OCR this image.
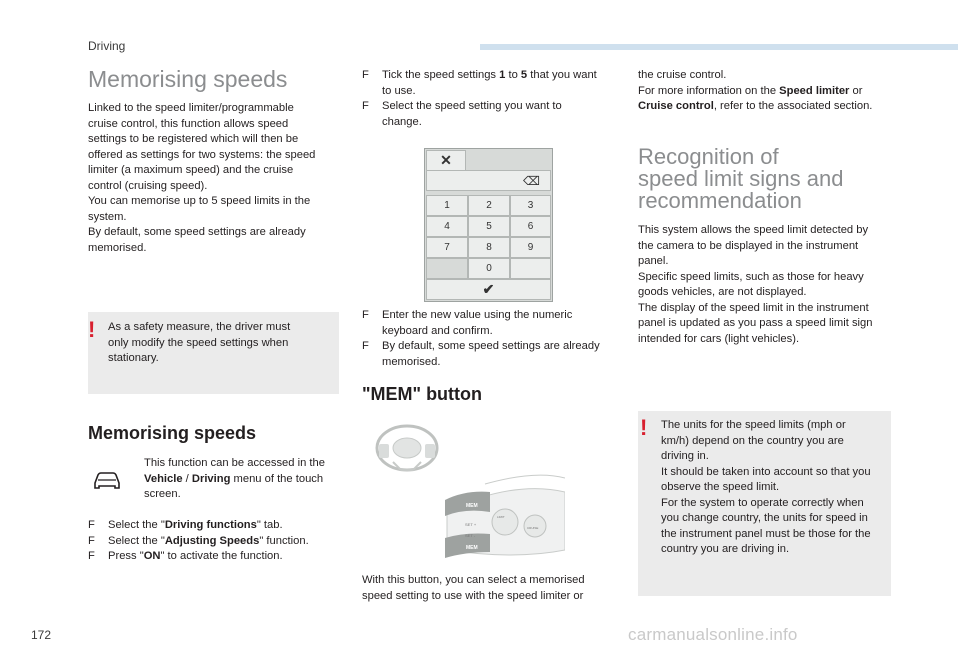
Driving
Memorising speeds
Linked to the speed limiter/programmable
cruise control, this function allows speed
settings to be registered which will then be
offered as settings for two systems: the speed
limiter (a maximum speed) and the cruise
control (cruising speed).
You can memorise up to 5 speed limits in the
system.
By default, some speed settings are already
memorised.
! As a safety measure, the driver must
only modify the speed settings when
stationary.
Memorising speeds
This function can be accessed in the
Vehicle / Driving menu of the touch
screen.
F	Select the "Driving functions" tab.
F	Select the "Adjusting Speeds" function.
F	Press "ON" to activate the function.
F	Tick the speed settings 1 to 5 that you want
to use.
F	Select the speed setting you want to
change.
✕
⌫
1	2	3
4	5	6
7	8	9
0
✔
F	Enter the new value using the numeric
keyboard and confirm.
F	By default, some speed settings are already
memorised.
"MEM" button
MEM
MEM
SET +
SET -
LIMIT
CRUISE
With this button, you can select a memorised
speed setting to use with the speed limiter or
the cruise control.
For more information on the Speed limiter or
Cruise control, refer to the associated section.
Recognition of
speed limit signs and
recommendation
This system allows the speed limit detected by
the camera to be displayed in the instrument
panel.
Specific speed limits, such as those for heavy
goods vehicles, are not displayed.
The display of the speed limit in the instrument
panel is updated as you pass a speed limit sign
intended for cars (light vehicles).
! The units for the speed limits (mph or
km/h) depend on the country you are
driving in.
It should be taken into account so that you
observe the speed limit.
For the system to operate correctly when
you change country, the units for speed in
the instrument panel must be those for the
country you are driving in.
172	carmanualsonline.info
